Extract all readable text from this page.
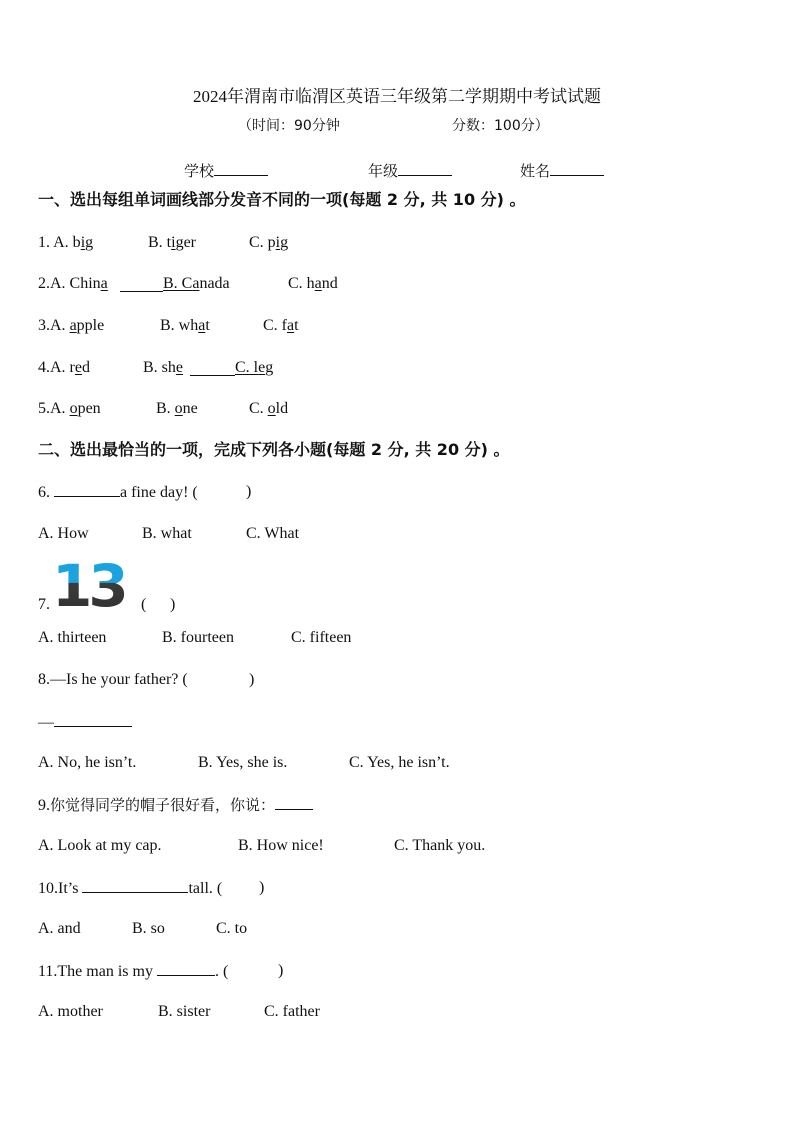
2024年渭南市临渭区英语三年级第二学期期中考试试题
（时间：90分钟	分数：100分）
学校	年级	姓名
一、选出每组单词画线部分发音不同的一项(每题 2 分, 共 10 分) 。
1. A. big	B. tiger	C. pig
2.A. China	B. Canada	C. hand
3.A. apple	B. what	C. fat
4.A. red	B. she	C. leg
5.A. open	B. one	C. old
二、选出最恰当的一项，完成下列各小题(每题 2 分, 共 20 分) 。
6.	a fine day! (	)
A. How	B. what	C. What
7. 13 ( )
A. thirteen	B. fourteen	C. fifteen
8.—Is he your father? (	)
—
A. No, he isn’t.	B. Yes, she is.	C. Yes, he isn’t.
9.你觉得同学的帽子很好看，你说：
A. Look at my cap.	B. How nice!	C. Thank you.
10.It’s	tall. ( )
A. and	B. so	C. to
11.The man is my	. (	)
A. mother	B. sister	C. father
